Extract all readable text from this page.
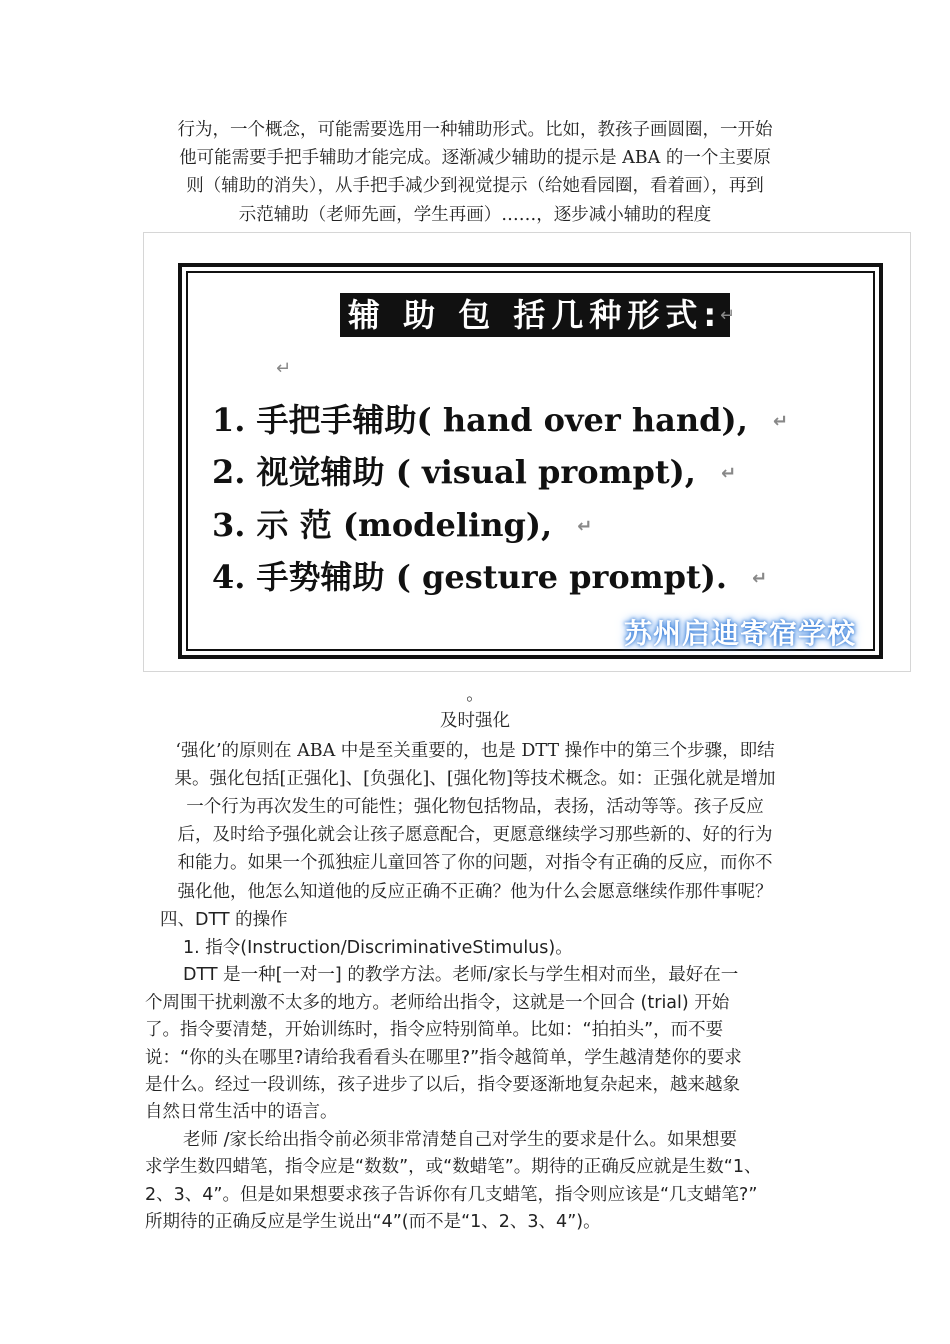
行为，一个概念，可能需要选用一种辅助形式。比如，教孩子画圆圈，一开始
他可能需要手把手辅助才能完成。逐渐减少辅助的提示是 ABA 的一个主要原
则（辅助的消失），从手把手减少到视觉提示（给她看园圈，看着画），再到
示范辅助（老师先画，学生再画）……，逐步减小辅助的程度
辅 助 包 括几种形式:
↵
↵
1. 手把手辅助( hand over hand), ↵
2. 视觉辅助 ( visual prompt), ↵
3. 示 范 (modeling), ↵
4. 手势辅助 ( gesture prompt). ↵
苏州启迪寄宿学校
。
及时强化
‘强化’的原则在 ABA 中是至关重要的，也是 DTT 操作中的第三个步骤，即结
果。强化包括[正强化]、[负强化]、[强化物]等技术概念。如：正强化就是增加
一个行为再次发生的可能性；强化物包括物品，表扬，活动等等。孩子反应
后，及时给予强化就会让孩子愿意配合，更愿意继续学习那些新的、好的行为
和能力。如果一个孤独症儿童回答了你的问题，对指令有正确的反应，而你不
强化他，他怎么知道他的反应正确不正确？他为什么会愿意继续作那件事呢？
四、DTT 的操作
1. 指令(Instruction/DiscriminativeStimulus)。
DTT 是一种[一对一] 的教学方法。老师/家长与学生相对而坐，最好在一
个周围干扰刺激不太多的地方。老师给出指令，这就是一个回合 (trial) 开始
了。指令要清楚，开始训练时，指令应特别简单。比如：“拍拍头”，而不要
说：“你的头在哪里?请给我看看头在哪里?”指令越简单，学生越清楚你的要求
是什么。经过一段训练，孩子进步了以后，指令要逐渐地复杂起来，越来越象
自然日常生活中的语言。
老师 /家长给出指令前必须非常清楚自己对学生的要求是什么。如果想要
求学生数四蜡笔，指令应是“数数”，或“数蜡笔”。期待的正确反应就是生数“1、
2、3、4”。但是如果想要求孩子告诉你有几支蜡笔，指令则应该是“几支蜡笔?”
所期待的正确反应是学生说出“4”(而不是“1、2、3、4”)。
